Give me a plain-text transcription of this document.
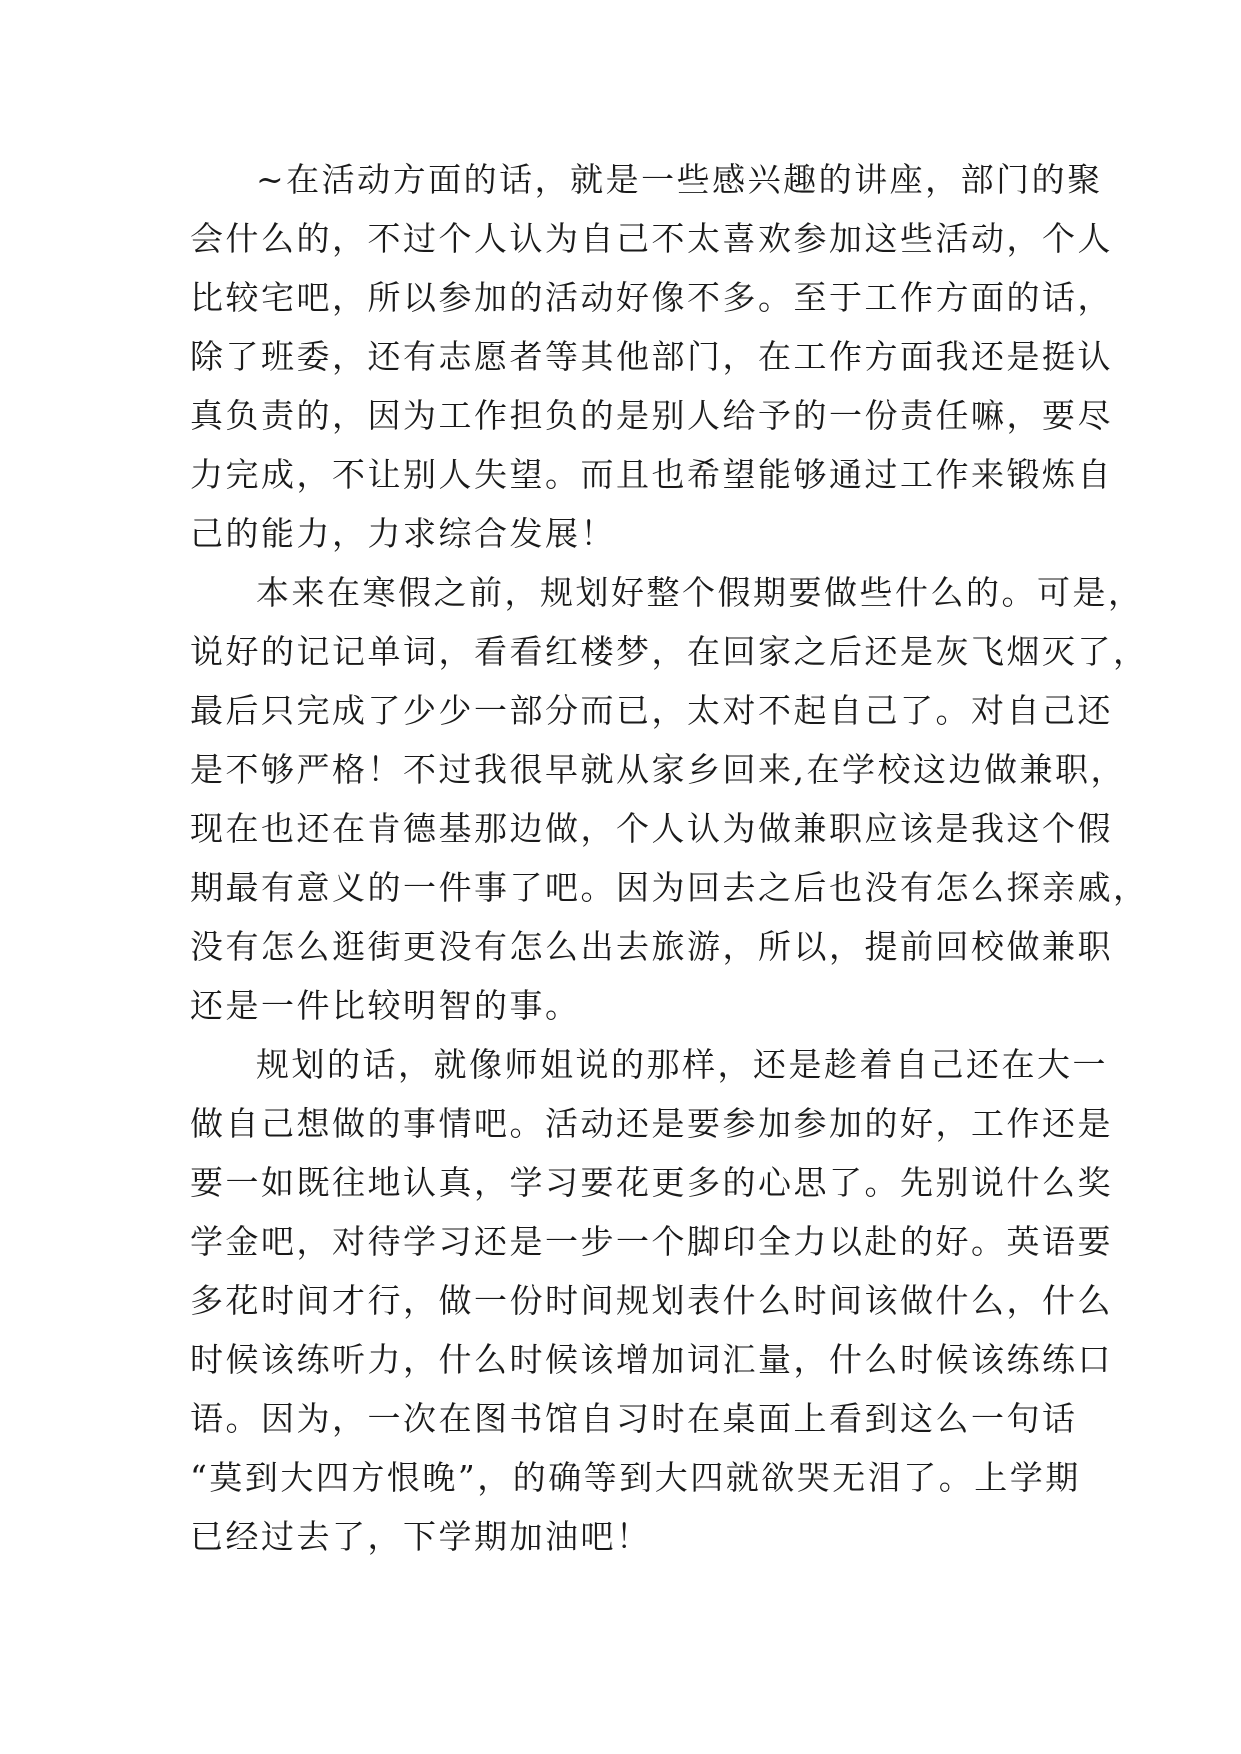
~在活动方面的话，就是一些感兴趣的讲座，部门的聚
会什么的，不过个人认为自己不太喜欢参加这些活动，个人
比较宅吧，所以参加的活动好像不多。至于工作方面的话，
除了班委，还有志愿者等其他部门，在工作方面我还是挺认
真负责的，因为工作担负的是别人给予的一份责任嘛，要尽
力完成，不让别人失望。而且也希望能够通过工作来锻炼自
己的能力，力求综合发展！
本来在寒假之前，规划好整个假期要做些什么的。可是，
说好的记记单词，看看红楼梦，在回家之后还是灰飞烟灭了，
最后只完成了少少一部分而已，太对不起自己了。对自己还
是不够严格！不过我很早就从家乡回来,在学校这边做兼职，
现在也还在肯德基那边做，个人认为做兼职应该是我这个假
期最有意义的一件事了吧。因为回去之后也没有怎么探亲戚，
没有怎么逛街更没有怎么出去旅游，所以，提前回校做兼职
还是一件比较明智的事。
规划的话，就像师姐说的那样，还是趁着自己还在大一
做自己想做的事情吧。活动还是要参加参加的好，工作还是
要一如既往地认真，学习要花更多的心思了。先别说什么奖
学金吧，对待学习还是一步一个脚印全力以赴的好。英语要
多花时间才行，做一份时间规划表什么时间该做什么，什么
时候该练听力，什么时候该增加词汇量，什么时候该练练口
语。因为，一次在图书馆自习时在桌面上看到这么一句话
“莫到大四方恨晚”，的确等到大四就欲哭无泪了。上学期
已经过去了，下学期加油吧！
